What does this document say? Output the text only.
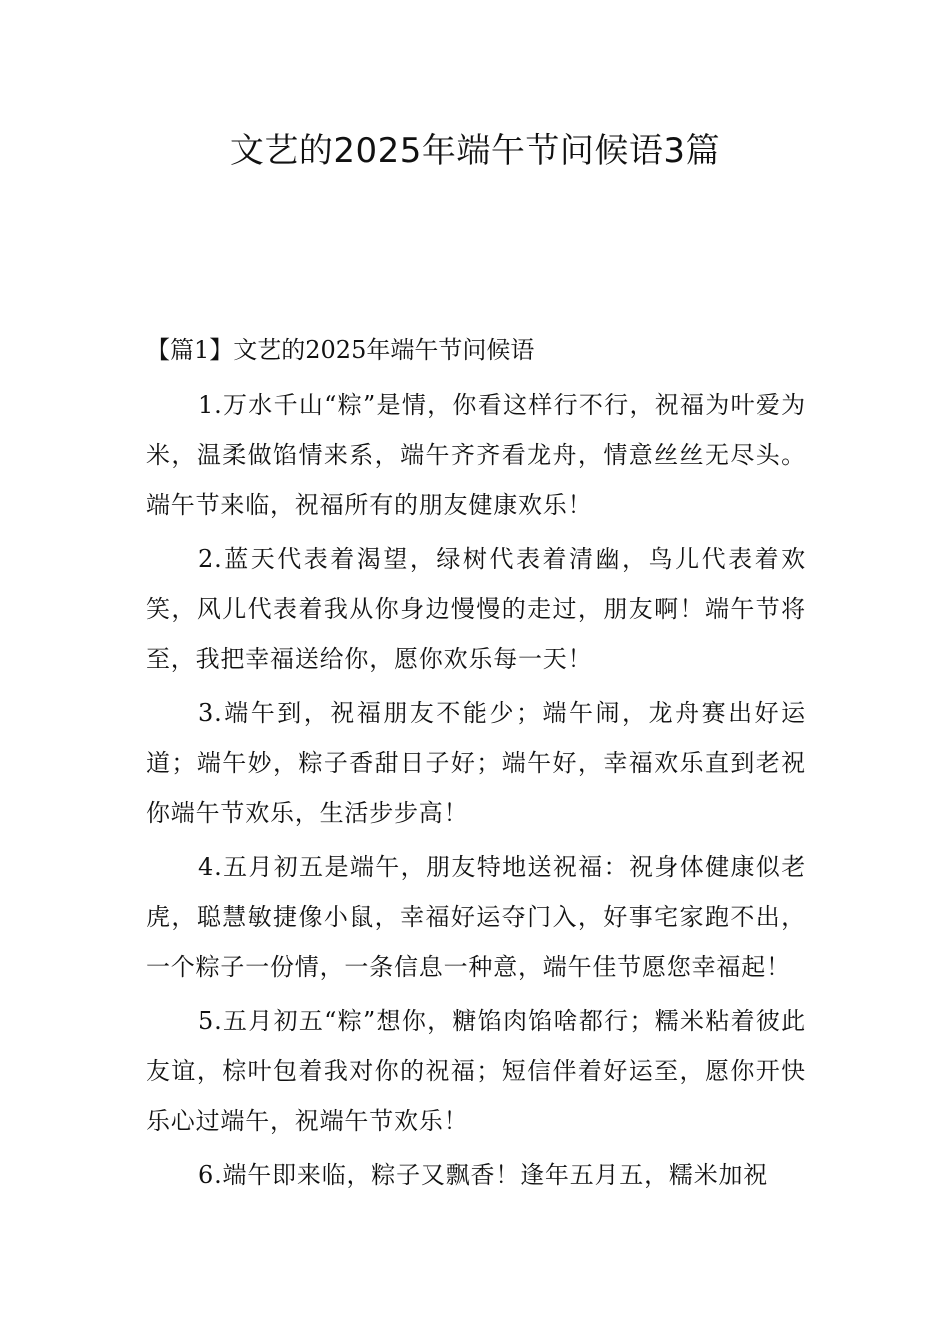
文艺的2025年端午节问候语3篇
【篇1】文艺的2025年端午节问候语

1.万水千山“粽”是情，你看这样行不行，祝福为叶爱为米，温柔做馅情来系，端午齐齐看龙舟，情意丝丝无尽头。端午节来临，祝福所有的朋友健康欢乐！

2.蓝天代表着渴望，绿树代表着清幽，鸟儿代表着欢笑，风儿代表着我从你身边慢慢的走过，朋友啊！端午节将至，我把幸福送给你，愿你欢乐每一天！

3.端午到，祝福朋友不能少；端午闹，龙舟赛出好运道；端午妙，粽子香甜日子好；端午好，幸福欢乐直到老祝你端午节欢乐，生活步步高！

4.五月初五是端午，朋友特地送祝福：祝身体健康似老虎，聪慧敏捷像小鼠，幸福好运夺门入，好事宅家跑不出，一个粽子一份情，一条信息一种意，端午佳节愿您幸福起！

5.五月初五“粽”想你，糖馅肉馅啥都行；糯米粘着彼此友谊，棕叶包着我对你的祝福；短信伴着好运至，愿你开快乐心过端午，祝端午节欢乐！

6.端午即来临，粽子又飘香！逢年五月五，糯米加祝
